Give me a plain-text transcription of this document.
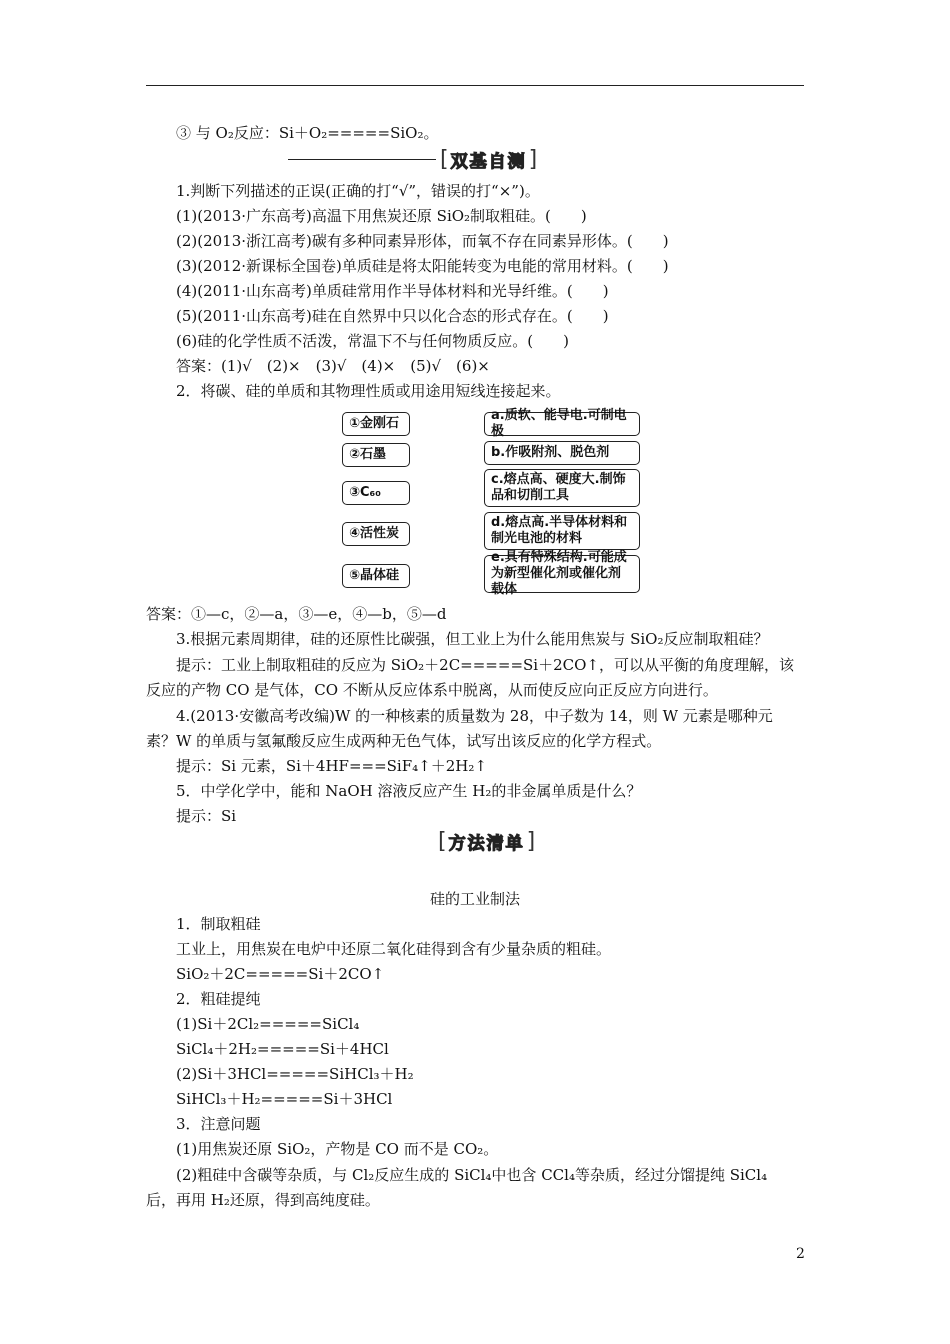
③ 与 O₂反应：Si＋O₂=====SiO₂。
[ 双基自测 ]
1.判断下列描述的正误(正确的打“√”，错误的打“×”)。
(1)(2013·广东高考)高温下用焦炭还原 SiO₂制取粗硅。(　　)
(2)(2013·浙江高考)碳有多种同素异形体，而氧不存在同素异形体。(　　)
(3)(2012·新课标全国卷)单质硅是将太阳能转变为电能的常用材料。(　　)
(4)(2011·山东高考)单质硅常用作半导体材料和光导纤维。(　　)
(5)(2011·山东高考)硅在自然界中只以化合态的形式存在。(　　)
(6)硅的化学性质不活泼，常温下不与任何物质反应。(　　)
答案：(1)√　(2)×　(3)√　(4)×　(5)√　(6)×
2．将碳、硅的单质和其物理性质或用途用短线连接起来。
①金刚石
②石墨
③C₆₀
④活性炭
⑤晶体硅
a.质软、能导电.可制电极
b.作吸附剂、脱色剂
c.熔点高、硬度大.制饰品和切削工具
d.熔点高.半导体材料和制光电池的材料
e.具有特殊结构.可能成为新型催化剂或催化剂载体
答案：①—c，②—a，③—e，④—b，⑤—d
3.根据元素周期律，硅的还原性比碳强，但工业上为什么能用焦炭与 SiO₂反应制取粗硅？
提示：工业上制取粗硅的反应为 SiO₂＋2C=====Si＋2CO↑，可以从平衡的角度理解，该
反应的产物 CO 是气体，CO 不断从反应体系中脱离，从而使反应向正反应方向进行。
4.(2013·安徽高考改编)W 的一种核素的质量数为 28，中子数为 14，则 W 元素是哪种元
素？W 的单质与氢氟酸反应生成两种无色气体，试写出该反应的化学方程式。
提示：Si 元素，Si＋4HF===SiF₄↑＋2H₂↑
5．中学化学中，能和 NaOH 溶液反应产生 H₂的非金属单质是什么？
提示：Si
[ 方法清单 ]
硅的工业制法
1．制取粗硅
工业上，用焦炭在电炉中还原二氧化硅得到含有少量杂质的粗硅。
SiO₂＋2C=====Si＋2CO↑
2．粗硅提纯
(1)Si＋2Cl₂=====SiCl₄
SiCl₄＋2H₂=====Si＋4HCl
(2)Si＋3HCl=====SiHCl₃＋H₂
SiHCl₃＋H₂=====Si＋3HCl
3．注意问题
(1)用焦炭还原 SiO₂，产物是 CO 而不是 CO₂。
(2)粗硅中含碳等杂质，与 Cl₂反应生成的 SiCl₄中也含 CCl₄等杂质，经过分馏提纯 SiCl₄
后，再用 H₂还原，得到高纯度硅。
2
